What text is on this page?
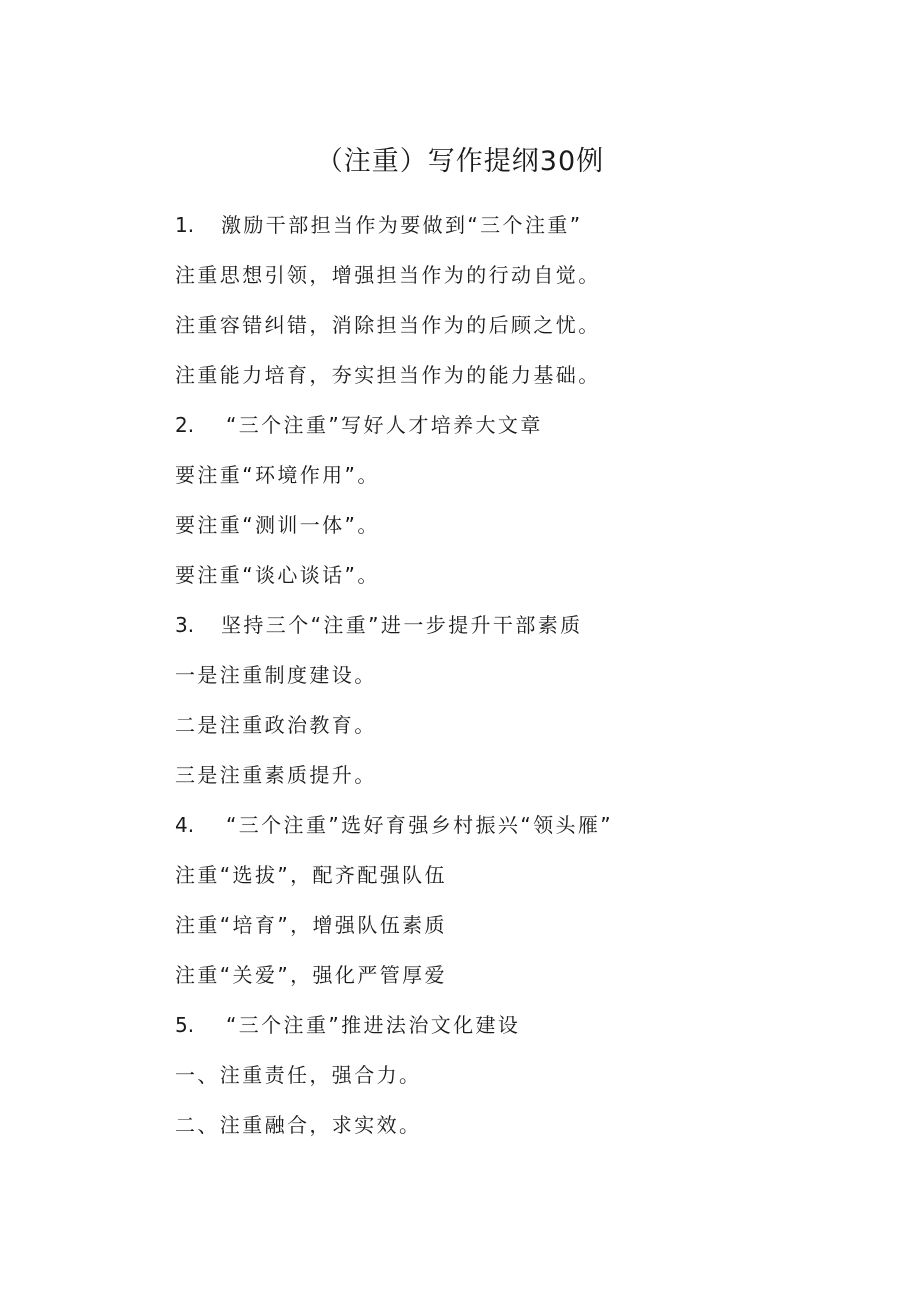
（注重）写作提纲30例
1. 激励干部担当作为要做到“三个注重”
注重思想引领，增强担当作为的行动自觉。
注重容错纠错，消除担当作为的后顾之忧。
注重能力培育，夯实担当作为的能力基础。
2. “三个注重”写好人才培养大文章
要注重“环境作用”。
要注重“测训一体”。
要注重“谈心谈话”。
3. 坚持三个“注重”进一步提升干部素质
一是注重制度建设。
二是注重政治教育。
三是注重素质提升。
4. “三个注重”选好育强乡村振兴“领头雁”
注重“选拔”，配齐配强队伍
注重“培育”，增强队伍素质
注重“关爱”，强化严管厚爱
5. “三个注重”推进法治文化建设
一、注重责任，强合力。
二、注重融合，求实效。
